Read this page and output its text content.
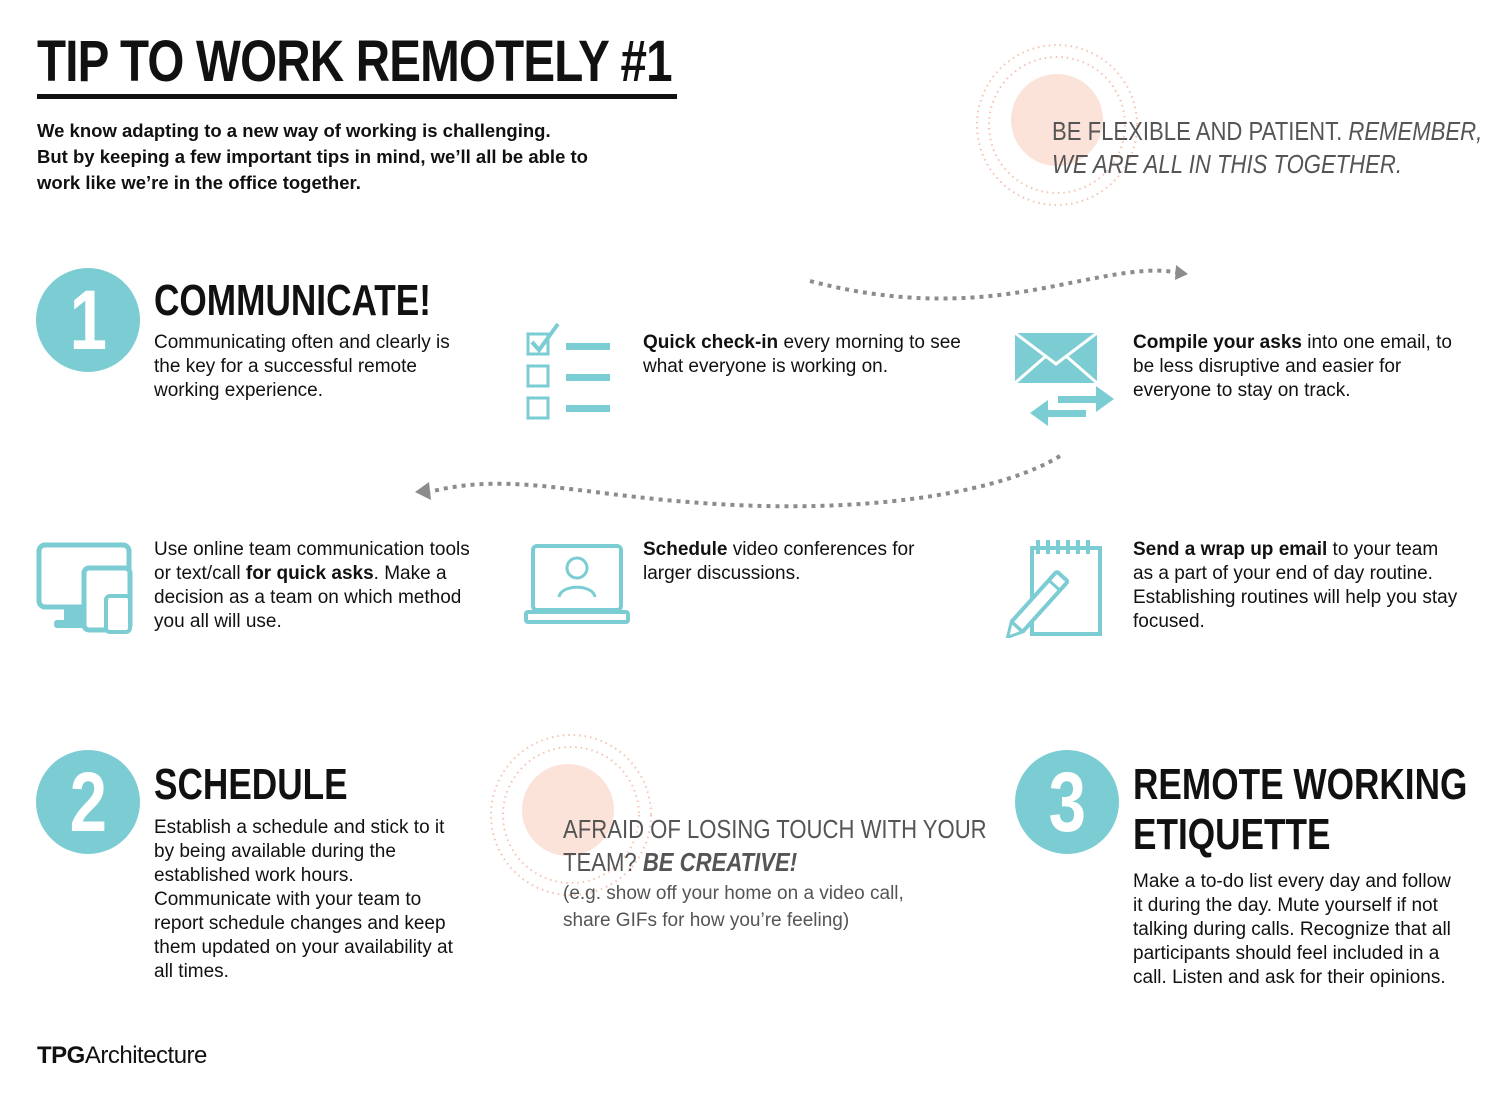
TIP TO WORK REMOTELY #1
We know adapting to a new way of working is challenging.
But by keeping a few important tips in mind, we’ll all be able to
work like we’re in the office together.
BE FLEXIBLE AND PATIENT. REMEMBER,
WE ARE ALL IN THIS TOGETHER.
1	COMMUNICATE!
Communicating often and clearly is the key for a successful remote working experience.
Quick check-in every morning to see what everyone is working on.
Compile your asks into one email, to be less disruptive and easier for everyone to stay on track.
Use online team communication tools or text/call for quick asks. Make a decision as a team on which method you all will use.
Schedule video conferences for larger discussions.
Send a wrap up email to your team as a part of your end of day routine. Establishing routines will help you stay focused.
2	SCHEDULE
Establish a schedule and stick to it by being available during the established work hours. Communicate with your team to report schedule changes and keep them updated on your availability at all times.
AFRAID OF LOSING TOUCH WITH YOUR
TEAM? BE CREATIVE!
(e.g. show off your home on a video call, share GIFs for how you’re feeling)
3	REMOTE WORKING
ETIQUETTE
Make a to-do list every day and follow it during the day. Mute yourself if not talking during calls. Recognize that all participants should feel included in a call. Listen and ask for their opinions.
TPGArchitecture
